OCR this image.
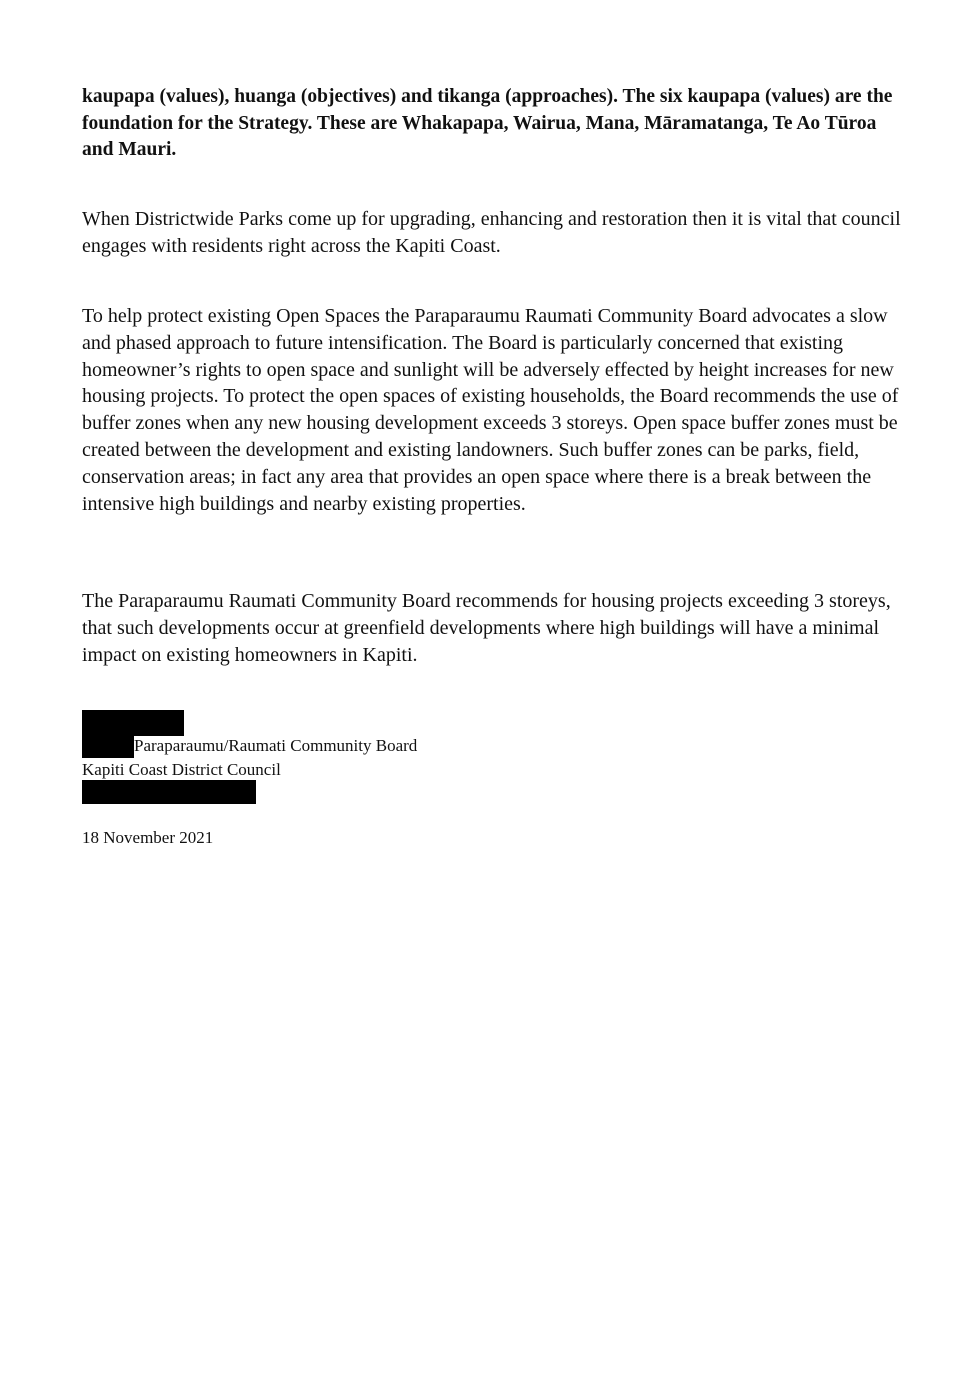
kaupapa (values), huanga (objectives) and tikanga (approaches). The six kaupapa (values) are the foundation for the Strategy. These are Whakapapa, Wairua, Mana, Māramatanga, Te Ao Tūroa and Mauri.

When Districtwide Parks come up for upgrading, enhancing and restoration then it is vital that council engages with residents right across the Kapiti Coast.

To help protect existing Open Spaces the Paraparaumu Raumati Community Board advocates a slow and phased approach to future intensification. The Board is particularly concerned that existing homeowner’s rights to open space and sunlight will be adversely effected by height increases for new housing projects. To protect the open spaces of existing households, the Board recommends the use of buffer zones when any new housing development exceeds 3 storeys. Open space buffer zones must be created between the development and existing landowners. Such buffer zones can be parks, field, conservation areas; in fact any area that provides an open space where there is a break between the intensive high buildings and nearby existing properties.

The Paraparaumu Raumati Community Board recommends for housing projects exceeding 3 storeys, that such developments occur at greenfield developments where high buildings will have a minimal impact on existing homeowners in Kapiti.

Paraparaumu/Raumati Community Board
Kapiti Coast District Council
18 November 2021
